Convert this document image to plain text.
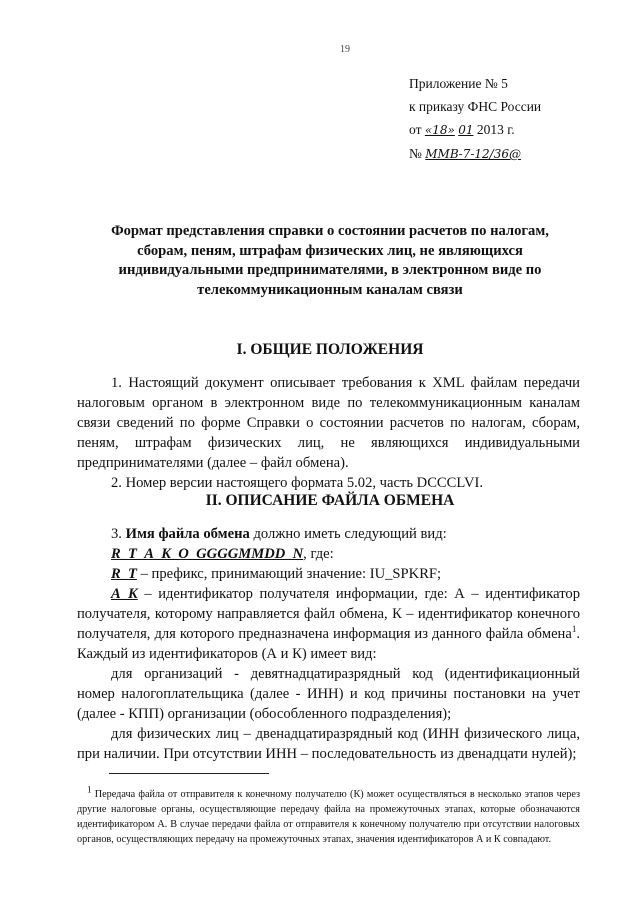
19
Приложение № 5
к приказу ФНС России
от «18» 01 2013 г.
№ ММВ-7-12/36@
Формат представления справки о состоянии расчетов по налогам, сборам, пеням, штрафам физических лиц, не являющихся индивидуальными предпринимателями, в электронном виде по телекоммуникационным каналам связи
I. ОБЩИЕ ПОЛОЖЕНИЯ

1. Настоящий документ описывает требования к XML файлам передачи налоговым органом в электронном виде по телекоммуникационным каналам связи сведений по форме Справки о состоянии расчетов по налогам, сборам, пеням, штрафам физических лиц, не являющихся индивидуальными предпринимателями (далее – файл обмена).

2. Номер версии настоящего формата 5.02, часть DCCCLVI.

II. ОПИСАНИЕ ФАЙЛА ОБМЕНА

3. Имя файла обмена должно иметь следующий вид:

R_T_A_K_O_GGGGMMDD_N, где:

R_T – префикс, принимающий значение: IU_SPKRF;

A_K – идентификатор получателя информации, где: А – идентификатор получателя, которому направляется файл обмена, К – идентификатор конечного получателя, для которого предназначена информация из данного файла обмена$^1$. Каждый из идентификаторов (А и К) имеет вид:

для организаций - девятнадцатиразрядный код (идентификационный номер налогоплательщика (далее - ИНН) и код причины постановки на учет (далее - КПП) организации (обособленного подразделения);

для физических лиц – двенадцатиразрядный код (ИНН физического лица, при наличии. При отсутствии ИНН – последовательность из двенадцати нулей);

$^1$ Передача файла от отправителя к конечному получателю (К) может осуществляться в несколько этапов через другие налоговые органы, осуществляющие передачу файла на промежуточных этапах, которые обозначаются идентификатором А. В случае передачи файла от отправителя к конечному получателю при отсутствии налоговых органов, осуществляющих передачу на промежуточных этапах, значения идентификаторов А и К совпадают.
